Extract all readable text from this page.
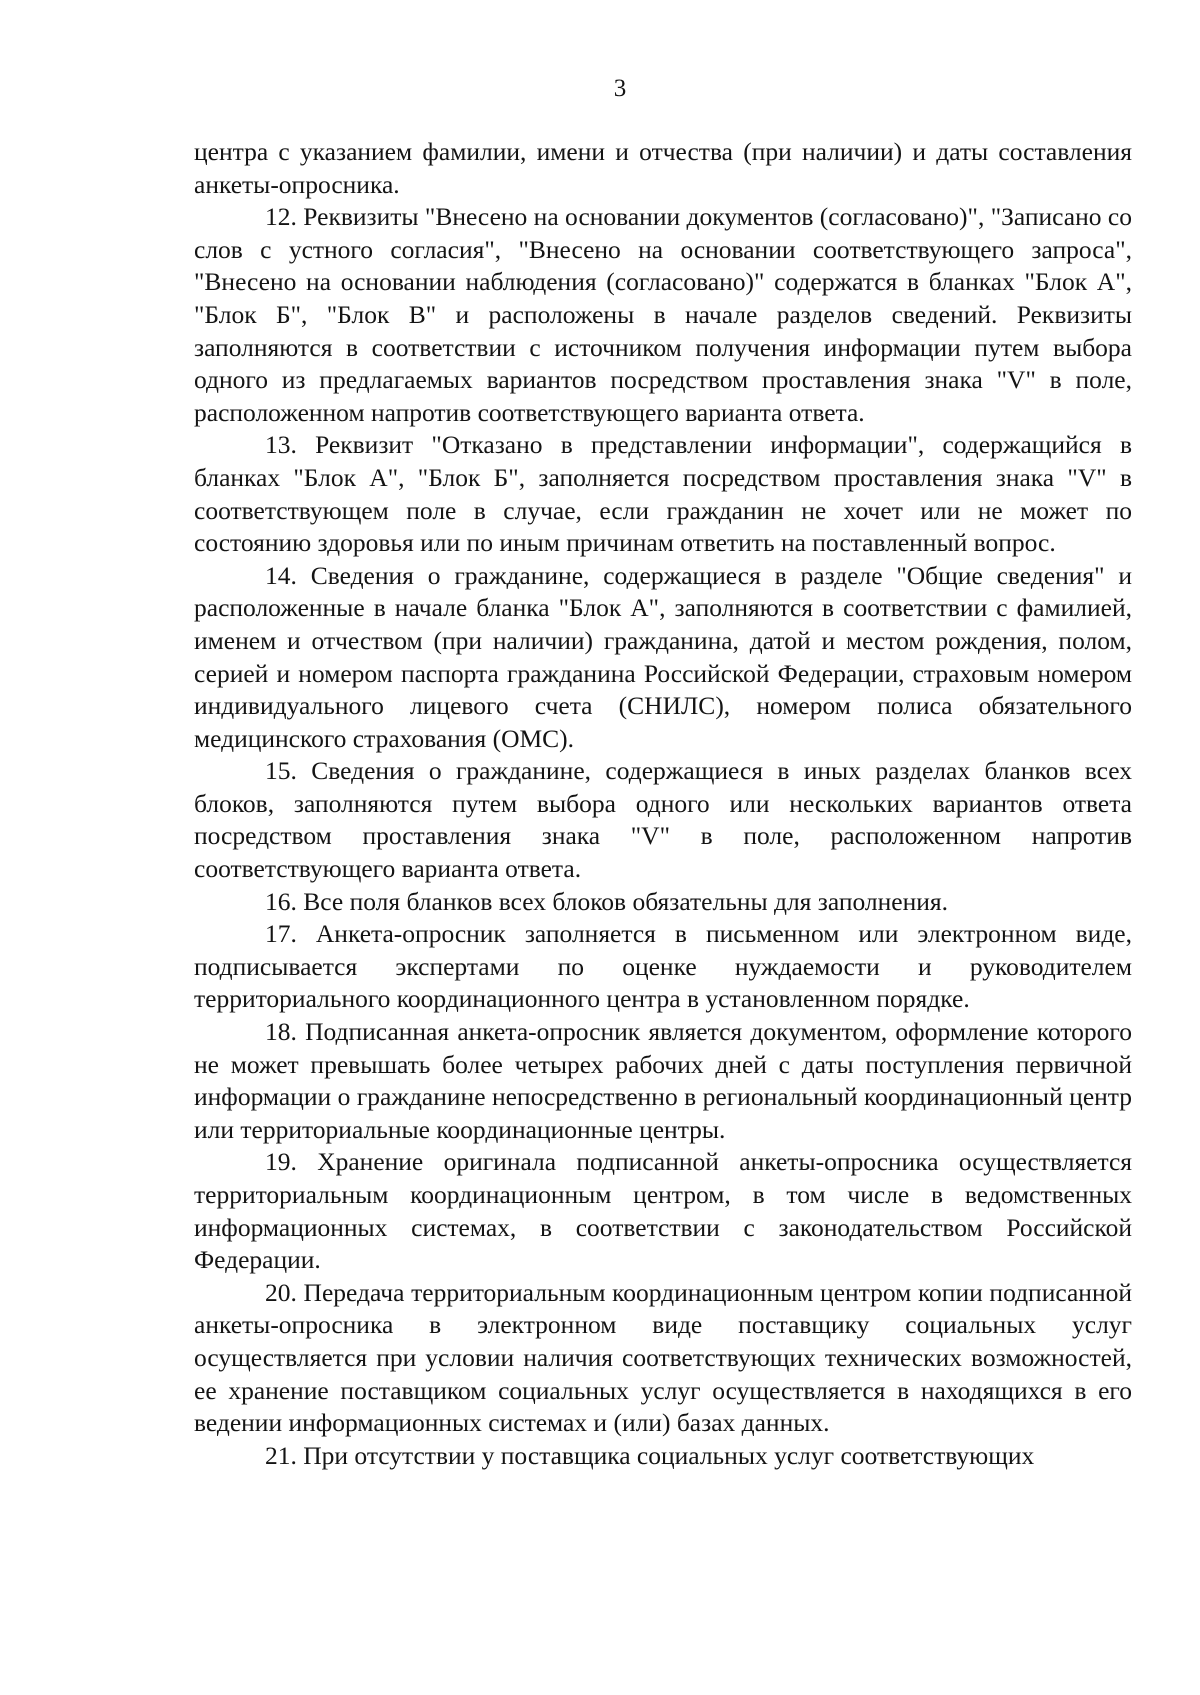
3

центра с указанием фамилии, имени и отчества (при наличии) и даты составления анкеты-опросника.

12. Реквизиты "Внесено на основании документов (согласовано)", "Записано со слов с устного согласия", "Внесено на основании соответствующего запроса", "Внесено на основании наблюдения (согласовано)" содержатся в бланках "Блок А", "Блок Б", "Блок В" и расположены в начале разделов сведений. Реквизиты заполняются в соответствии с источником получения информации путем выбора одного из предлагаемых вариантов посредством проставления знака "V" в поле, расположенном напротив соответствующего варианта ответа.

13. Реквизит "Отказано в представлении информации", содержащийся в бланках "Блок А", "Блок Б", заполняется посредством проставления знака "V" в соответствующем поле в случае, если гражданин не хочет или не может по состоянию здоровья или по иным причинам ответить на поставленный вопрос.

14. Сведения о гражданине, содержащиеся в разделе "Общие сведения" и расположенные в начале бланка "Блок А", заполняются в соответствии с фамилией, именем и отчеством (при наличии) гражданина, датой и местом рождения, полом, серией и номером паспорта гражданина Российской Федерации, страховым номером индивидуального лицевого счета (СНИЛС), номером полиса обязательного медицинского страхования (ОМС).

15. Сведения о гражданине, содержащиеся в иных разделах бланков всех блоков, заполняются путем выбора одного или нескольких вариантов ответа посредством проставления знака "V" в поле, расположенном напротив соответствующего варианта ответа.

16. Все поля бланков всех блоков обязательны для заполнения.

17. Анкета-опросник заполняется в письменном или электронном виде, подписывается экспертами по оценке нуждаемости и руководителем территориального координационного центра в установленном порядке.

18. Подписанная анкета-опросник является документом, оформление которого не может превышать более четырех рабочих дней с даты поступления первичной информации о гражданине непосредственно в региональный координационный центр или территориальные координационные центры.

19. Хранение оригинала подписанной анкеты-опросника осуществляется территориальным координационным центром, в том числе в ведомственных информационных системах, в соответствии с законодательством Российской Федерации.

20. Передача территориальным координационным центром копии подписанной анкеты-опросника в электронном виде поставщику социальных услуг осуществляется при условии наличия соответствующих технических возможностей, ее хранение поставщиком социальных услуг осуществляется в находящихся в его ведении информационных системах и (или) базах данных.

21. При отсутствии у поставщика социальных услуг соответствующих
